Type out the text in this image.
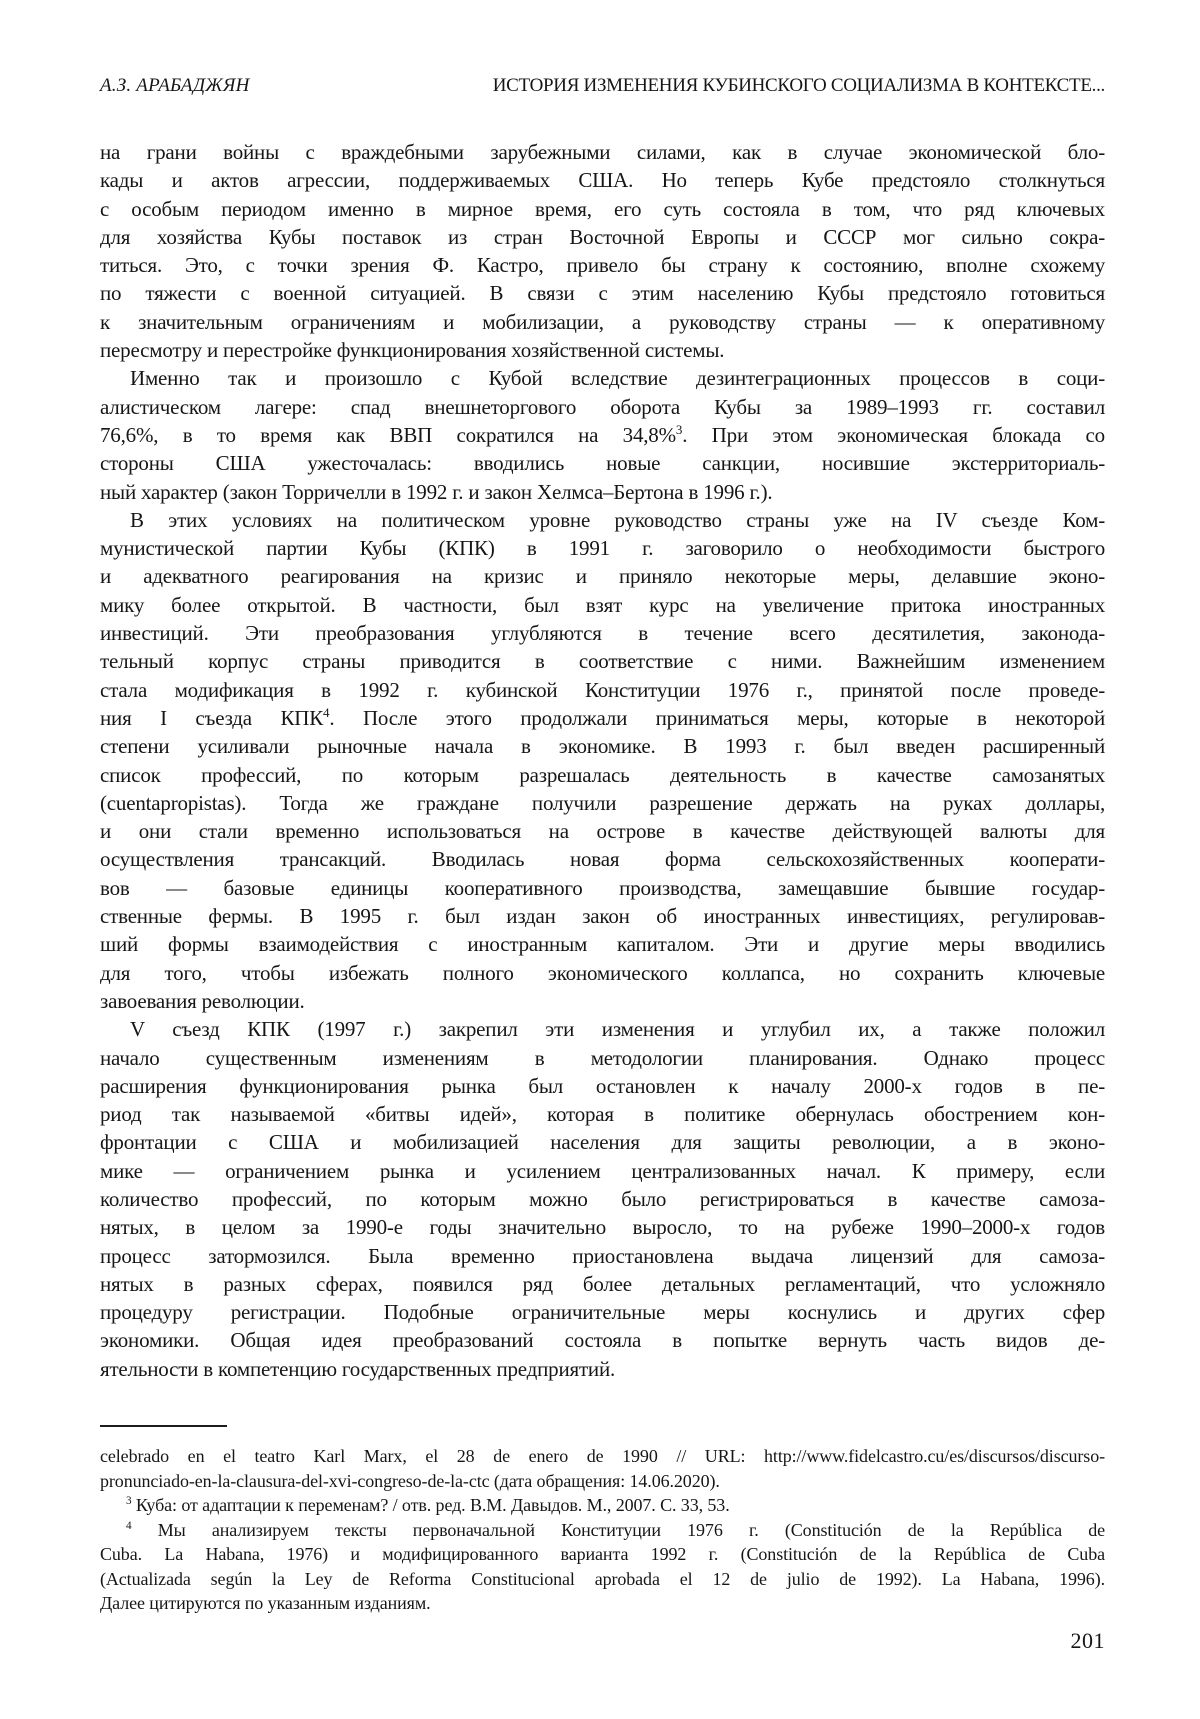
А.З. АРАБАДЖЯН	ИСТОРИЯ ИЗМЕНЕНИЯ КУБИНСКОГО СОЦИАЛИЗМА В КОНТЕКСТЕ...
на грани войны с враждебными зарубежными силами, как в случае экономической бло-
кады и актов агрессии, поддерживаемых США. Но теперь Кубе предстояло столкнуться
с особым периодом именно в мирное время, его суть состояла в том, что ряд ключевых
для хозяйства Кубы поставок из стран Восточной Европы и СССР мог сильно сокра-
титься. Это, с точки зрения Ф. Кастро, привело бы страну к состоянию, вполне схожему
по тяжести с военной ситуацией. В связи с этим населению Кубы предстояло готовиться
к значительным ограничениям и мобилизации, а руководству страны — к оперативному
пересмотру и перестройке функционирования хозяйственной системы.
Именно так и произошло с Кубой вследствие дезинтеграционных процессов в соци-
алистическом лагере: спад внешнеторгового оборота Кубы за 1989–1993 гг. составил
76,6%, в то время как ВВП сократился на 34,8%$^3$. При этом экономическая блокада со
стороны США ужесточалась: вводились новые санкции, носившие экстерриториаль-
ный характер (закон Торричелли в 1992 г. и закон Хелмса–Бертона в 1996 г.).
В этих условиях на политическом уровне руководство страны уже на IV съезде Ком-
мунистической партии Кубы (КПК) в 1991 г. заговорило о необходимости быстрого
и адекватного реагирования на кризис и приняло некоторые меры, делавшие эконо-
мику более открытой. В частности, был взят курс на увеличение притока иностранных
инвестиций. Эти преобразования углубляются в течение всего десятилетия, законода-
тельный корпус страны приводится в соответствие с ними. Важнейшим изменением
стала модификация в 1992 г. кубинской Конституции 1976 г., принятой после проведе-
ния I съезда КПК$^4$. После этого продолжали приниматься меры, которые в некоторой
степени усиливали рыночные начала в экономике. В 1993 г. был введен расширенный
список профессий, по которым разрешалась деятельность в качестве самозанятых
(cuentapropistas). Тогда же граждане получили разрешение держать на руках доллары,
и они стали временно использоваться на острове в качестве действующей валюты для
осуществления трансакций. Вводилась новая форма сельскохозяйственных кооперати-
вов — базовые единицы кооперативного производства, замещавшие бывшие государ-
ственные фермы. В 1995 г. был издан закон об иностранных инвестициях, регулировав-
ший формы взаимодействия с иностранным капиталом. Эти и другие меры вводились
для того, чтобы избежать полного экономического коллапса, но сохранить ключевые
завоевания революции.
V съезд КПК (1997 г.) закрепил эти изменения и углубил их, а также положил
начало существенным изменениям в методологии планирования. Однако процесс
расширения функционирования рынка был остановлен к началу 2000-х годов в пе-
риод так называемой «битвы идей», которая в политике обернулась обострением кон-
фронтации с США и мобилизацией населения для защиты революции, а в эконо-
мике — ограничением рынка и усилением централизованных начал. К примеру, если
количество профессий, по которым можно было регистрироваться в качестве самоза-
нятых, в целом за 1990-е годы значительно выросло, то на рубеже 1990–2000-х годов
процесс затормозился. Была временно приостановлена выдача лицензий для самоза-
нятых в разных сферах, появился ряд более детальных регламентаций, что усложняло
процедуру регистрации. Подобные ограничительные меры коснулись и других сфер
экономики. Общая идея преобразований состояла в попытке вернуть часть видов де-
ятельности в компетенцию государственных предприятий.
celebrado en el teatro Karl Marx, el 28 de enero de 1990 // URL: http://www.fidelcastro.cu/es/discursos/discurso-
pronunciado-en-la-clausura-del-xvi-congreso-de-la-ctc (дата обращения: 14.06.2020).
$^3$ Куба: от адаптации к переменам? / отв. ред. В.М. Давыдов. М., 2007. С. 33, 53.
$^4$ Мы анализируем тексты первоначальной Конституции 1976 г. (Constitución de la República de
Cuba. La Habana, 1976) и модифицированного варианта 1992 г. (Constitución de la República de Cuba
(Actualizada según la Ley de Reforma Constitucional aprobada el 12 de julio de 1992). La Habana, 1996).
Далее цитируются по указанным изданиям.
201
